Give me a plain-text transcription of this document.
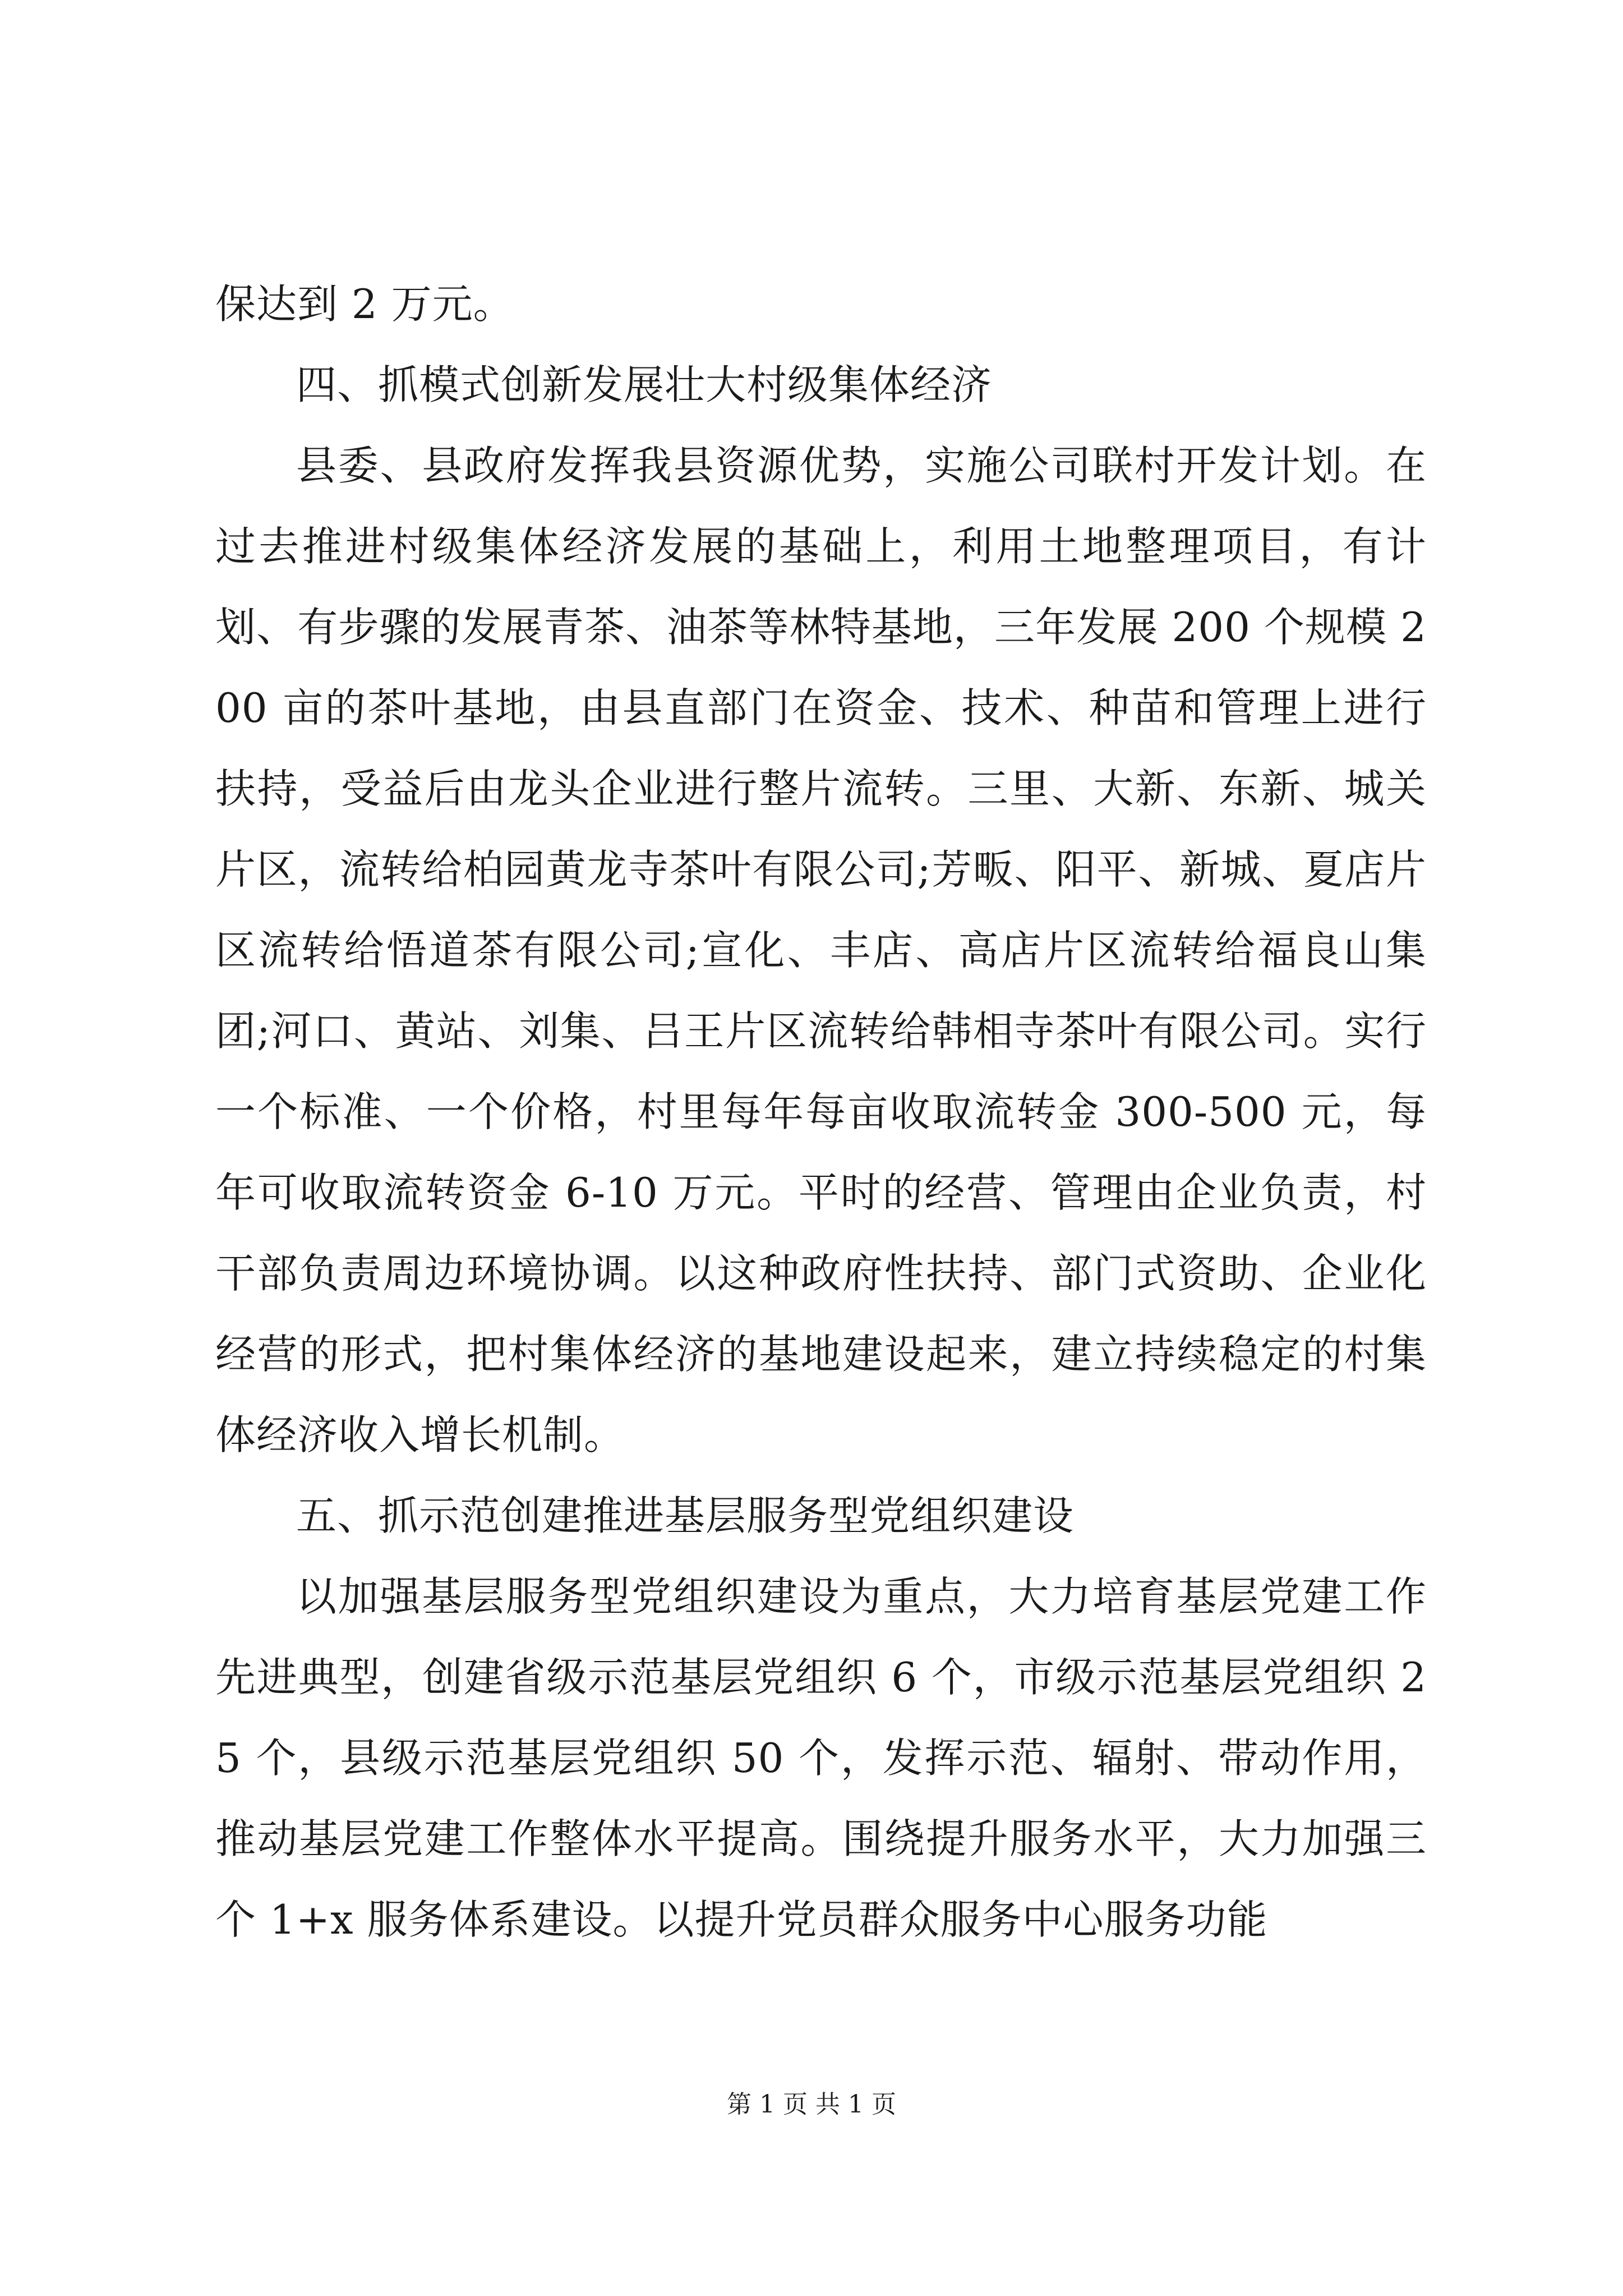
保达到 2 万元。

四、抓模式创新发展壮大村级集体经济

县委、县政府发挥我县资源优势，实施公司联村开发计划。在过去推进村级集体经济发展的基础上，利用土地整理项目，有计划、有步骤的发展青茶、油茶等林特基地，三年发展 200 个规模 200 亩的茶叶基地，由县直部门在资金、技术、种苗和管理上进行扶持，受益后由龙头企业进行整片流转。三里、大新、东新、城关片区，流转给柏园黄龙寺茶叶有限公司;芳畈、阳平、新城、夏店片区流转给悟道茶有限公司;宣化、丰店、高店片区流转给福良山集团;河口、黄站、刘集、吕王片区流转给韩相寺茶叶有限公司。实行一个标准、一个价格，村里每年每亩收取流转金 300-500 元，每年可收取流转资金 6-10 万元。平时的经营、管理由企业负责，村干部负责周边环境协调。以这种政府性扶持、部门式资助、企业化经营的形式，把村集体经济的基地建设起来，建立持续稳定的村集体经济收入增长机制。

五、抓示范创建推进基层服务型党组织建设

以加强基层服务型党组织建设为重点，大力培育基层党建工作先进典型，创建省级示范基层党组织 6 个，市级示范基层党组织 25 个，县级示范基层党组织 50 个，发挥示范、辐射、带动作用，推动基层党建工作整体水平提高。围绕提升服务水平，大力加强三个 1+x 服务体系建设。以提升党员群众服务中心服务功能

第 1 页 共 1 页
